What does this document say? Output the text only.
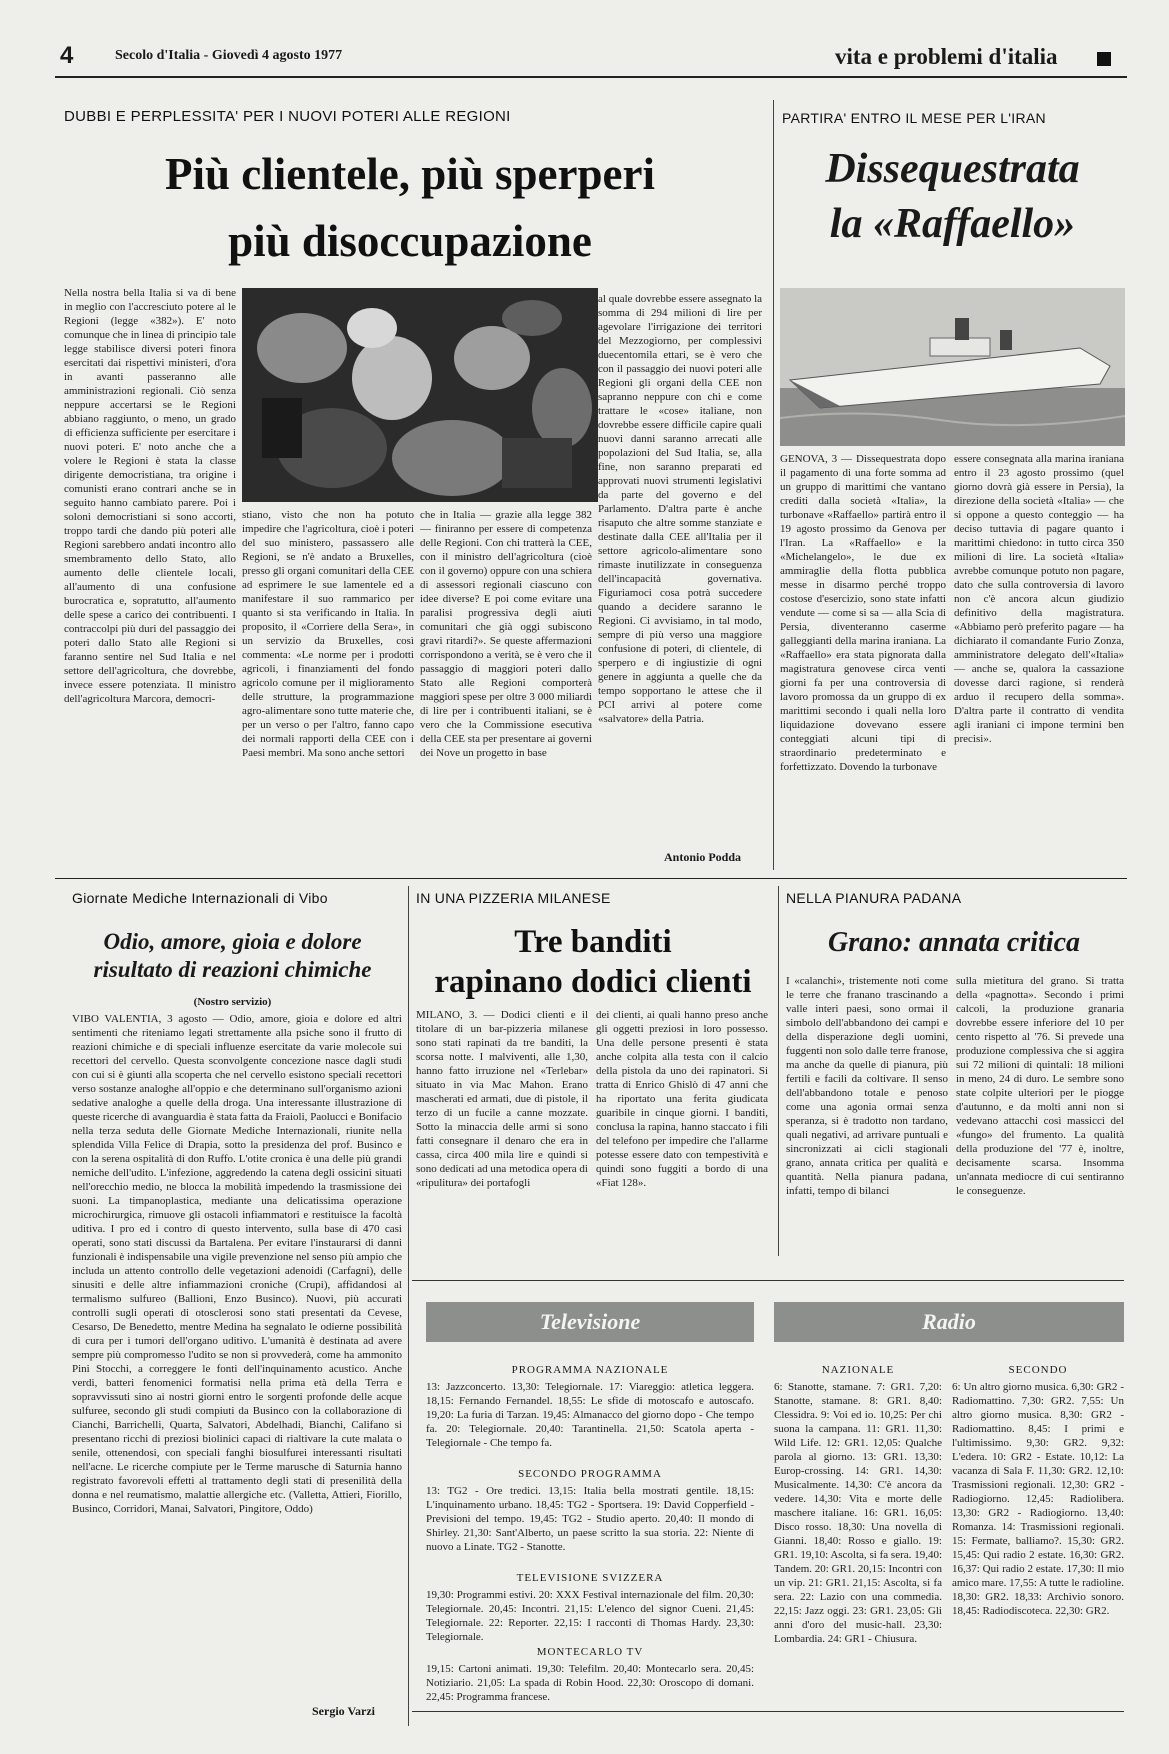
4	Secolo d'Italia - Giovedì 4 agosto 1977	vita e problemi d'italia
DUBBI E PERPLESSITA' PER I NUOVI POTERI ALLE REGIONI
Più clientele, più sperperi
più disoccupazione
Nella nostra bella Italia si va di bene in meglio con l'accresciuto potere al le Regioni (legge «382»). E' noto comunque che in linea di principio tale legge stabilisce diversi poteri finora esercitati dai rispettivi ministeri, d'ora in avanti passeranno alle amministrazioni regionali. Ciò senza neppure accertarsi se le Regioni abbiano raggiunto, o meno, un grado di efficienza sufficiente per esercitare i nuovi poteri. E' noto anche che a volere le Regioni è stata la classe dirigente democristiana, tra origine i comunisti erano contrari anche se in seguito hanno cambiato parere. Poi i soloni democristiani si sono accorti, troppo tardi che dando più poteri alle Regioni sarebbero andati incontro allo smembramento dello Stato, allo aumento delle clientele locali, all'aumento di una confusione burocratica e, sopratutto, all'aumento delle spese a carico dei contribuenti. I contraccolpi più duri del passaggio dei poteri dallo Stato alle Regioni si faranno sentire nel Sud Italia e nel settore dell'agricoltura, che dovrebbe, invece essere potenziata. Il ministro dell'agricoltura Marcora, democri-
stiano, visto che non ha potuto impedire che l'agricoltura, cioè i poteri del suo ministero, passassero alle Regioni, se n'è andato a Bruxelles, presso gli organi comunitari della CEE ad esprimere le sue lamentele ed a manifestare il suo rammarico per quanto si sta verificando in Italia. In proposito, il «Corriere della Sera», in un servizio da Bruxelles, così commenta: «Le norme per i prodotti agricoli, i finanziamenti del fondo agricolo comune per il miglioramento delle strutture, la programmazione agro-alimentare sono tutte materie che, per un verso o per l'altro, fanno capo dei normali rapporti della CEE con i Paesi membri. Ma sono anche settori
che in Italia — grazie alla legge 382 — finiranno per essere di competenza delle Regioni. Con chi tratterà la CEE, con il ministro dell'agricoltura (cioè con il governo) oppure con una schiera di assessori regionali ciascuno con idee diverse? E poi come evitare una paralisi progressiva degli aiuti comunitari che già oggi subiscono gravi ritardi?». Se queste affermazioni corrispondono a verità, se è vero che il passaggio di maggiori poteri dallo Stato alle Regioni comporterà maggiori spese per oltre 3 000 miliardi di lire per i contribuenti italiani, se è vero che la Commissione esecutiva della CEE sta per presentare ai governi dei Nove un progetto in base
al quale dovrebbe essere assegnato la somma di 294 milioni di lire per agevolare l'irrigazione dei territori del Mezzogiorno, per complessivi duecentomila ettari, se è vero che con il passaggio dei nuovi poteri alle Regioni gli organi della CEE non sapranno neppure con chi e come trattare le «cose» italiane, non dovrebbe essere difficile capire quali nuovi danni saranno arrecati alle popolazioni del Sud Italia, se, alla fine, non saranno preparati ed approvati nuovi strumenti legislativi da parte del governo e del Parlamento. D'altra parte è anche risaputo che altre somme stanziate e destinate dalla CEE all'Italia per il settore agricolo-alimentare sono rimaste inutilizzate in conseguenza dell'incapacità governativa. Figuriamoci cosa potrà succedere quando a decidere saranno le Regioni. Ci avvisiamo, in tal modo, sempre di più verso una maggiore confusione di poteri, di clientele, di sperpero e di ingiustizie di ogni genere in aggiunta a quelle che da tempo sopportano le attese che il PCI arrivi al potere come «salvatore» della Patria.
Antonio Podda
PARTIRA' ENTRO IL MESE PER L'IRAN
Dissequestrata
la «Raffaello»
GENOVA, 3 — Dissequestrata dopo il pagamento di una forte somma ad un gruppo di marittimi che vantano crediti dalla società «Italia», la turbonave «Raffaello» partirà entro il 19 agosto prossimo da Genova per l'Iran. La «Raffaello» e la «Michelangelo», le due ex ammiraglie della flotta pubblica messe in disarmo perché troppo costose d'esercizio, sono state infatti vendute — come si sa — alla Scia di Persia, diventeranno caserme galleggianti della marina iraniana. La «Raffaello» era stata pignorata dalla magistratura genovese circa venti giorni fa per una controversia di lavoro promossa da un gruppo di ex marittimi secondo i quali nella loro liquidazione dovevano essere conteggiati alcuni tipi di straordinario predeterminato e forfettizzato. Dovendo la turbonave
essere consegnata alla marina iraniana entro il 23 agosto prossimo (quel giorno dovrà già essere in Persia), la direzione della società «Italia» — che si oppone a questo conteggio — ha deciso tuttavia di pagare quanto i marittimi chiedono: in tutto circa 350 milioni di lire. La società «Italia» avrebbe comunque potuto non pagare, dato che sulla controversia di lavoro non c'è ancora alcun giudizio definitivo della magistratura. «Abbiamo però preferito pagare — ha dichiarato il comandante Furio Zonza, amministratore delegato dell'«Italia» — anche se, qualora la cassazione dovesse darci ragione, si renderà arduo il recupero della somma». D'altra parte il contratto di vendita agli iraniani ci impone termini ben precisi».
Giornate Mediche Internazionali di Vibo
Odio, amore, gioia e dolore
risultato di reazioni chimiche
(Nostro servizio)
VIBO VALENTIA, 3 agosto — Odio, amore, gioia e dolore ed altri sentimenti che riteniamo legati strettamente alla psiche sono il frutto di reazioni chimiche e di speciali influenze esercitate da varie molecole sui recettori del cervello. Questa sconvolgente concezione nasce dagli studi con cui si è giunti alla scoperta che nel cervello esistono speciali recettori verso sostanze analoghe all'oppio e che determinano sull'organismo azioni sedative analoghe a quelle della droga. Una interessante illustrazione di queste ricerche di avanguardia è stata fatta da Fraioli, Paolucci e Bonifacio nella terza seduta delle Giornate Mediche Internazionali, riunite nella splendida Villa Felice di Drapia, sotto la presidenza del prof. Businco e con la serena ospitalità di don Ruffo. L'otite cronica è una delle più grandi nemiche dell'udito. L'infezione, aggredendo la catena degli ossicini situati nell'orecchio medio, ne blocca la mobilità impedendo la trasmissione dei suoni. La timpanoplastica, mediante una delicatissima operazione microchirurgica, rimuove gli ostacoli infiammatori e restituisce la facoltà uditiva. I pro ed i contro di questo intervento, sulla base di 470 casi operati, sono stati discussi da Bartalena. Per evitare l'instaurarsi di danni funzionali è indispensabile una vigile prevenzione nel senso più ampio che includa un attento controllo delle vegetazioni adenoidi (Carfagni), delle sinusiti e delle altre infiammazioni croniche (Crupi), affidandosi al termalismo sulfureo (Ballioni, Enzo Businco). Nuovi, più accurati controlli sugli operati di otosclerosi sono stati presentati da Cevese, Cesarso, De Benedetto, mentre Medina ha segnalato le odierne possibilità di cura per i tumori dell'organo uditivo. L'umanità è destinata ad avere sempre più compromesso l'udito se non si provvederà, come ha ammonito Pini Stocchi, a correggere le fonti dell'inquinamento acustico. Anche verdi, batteri fenomenici formatisi nella prima età della Terra e sopravvissuti sino ai nostri giorni entro le sorgenti profonde delle acque sulfuree, secondo gli studi compiuti da Businco con la collaborazione di Cianchi, Barrichelli, Quarta, Salvatori, Abdelhadi, Bianchi, Califano si presentano ricchi di preziosi biolinici capaci di rialtivare la cute malata o senile, ottenendosi, con speciali fanghi biosulfurei interessanti risultati nell'acne. Le ricerche compiute per le Terme marusche di Saturnia hanno registrato favorevoli effetti al trattamento degli stati di presenilità della donna e nel reumatismo, malattie allergiche etc. (Valletta, Attieri, Fiorillo, Businco, Corridori, Manai, Salvatori, Pingitore, Oddo)
Sergio Varzi
IN UNA PIZZERIA MILANESE
Tre banditi
rapinano dodici clienti
MILANO, 3. — Dodici clienti e il titolare di un bar-pizzeria milanese sono stati rapinati da tre banditi, la scorsa notte. I malviventi, alle 1,30, hanno fatto irruzione nel «Terlebar» situato in via Mac Mahon. Erano mascherati ed armati, due di pistole, il terzo di un fucile a canne mozzate. Sotto la minaccia delle armi si sono fatti consegnare il denaro che era in cassa, circa 400 mila lire e quindi si sono dedicati ad una metodica opera di «ripulitura» dei portafogli
dei clienti, ai quali hanno preso anche gli oggetti preziosi in loro possesso. Una delle persone presenti è stata anche colpita alla testa con il calcio della pistola da uno dei rapinatori. Si tratta di Enrico Ghislò di 47 anni che ha riportato una ferita giudicata guaribile in cinque giorni. I banditi, conclusa la rapina, hanno staccato i fili del telefono per impedire che l'allarme potesse essere dato con tempestività e quindi sono fuggiti a bordo di una «Fiat 128».
NELLA PIANURA PADANA
Grano: annata critica
I «calanchi», tristemente noti come le terre che franano trascinando a valle interi paesi, sono ormai il simbolo dell'abbandono dei campi e della disperazione degli uomini, fuggenti non solo dalle terre franose, ma anche da quelle di pianura, più fertili e facili da coltivare. Il senso dell'abbandono totale e penoso come una agonia ormai senza speranza, si è tradotto non tardano, quali negativi, ad arrivare puntuali e sincronizzati ai cicli stagionali grano, annata critica per qualità e quantità. Nella pianura padana, infatti, tempo di bilanci
sulla mietitura del grano. Si tratta della «pagnotta». Secondo i primi calcoli, la produzione granaria dovrebbe essere inferiore del 10 per cento rispetto al '76. Si prevede una produzione complessiva che si aggira sui 72 milioni di quintali: 18 milioni in meno, 24 di duro. Le sembre sono state colpite ulteriori per le piogge d'autunno, e da molti anni non si vedevano attacchi così massicci del «fungo» del frumento. La qualità della produzione del '77 è, inoltre, decisamente scarsa. Insomma un'annata mediocre di cui sentiranno le conseguenze.
Televisione
PROGRAMMA NAZIONALE
13: Jazzconcerto. 13,30: Telegiornale. 17: Viareggio: atletica leggera. 18,15: Fernando Fernandel. 18,55: Le sfide di motoscafo e autoscafo. 19,20: La furia di Tarzan. 19,45: Almanacco del giorno dopo - Che tempo fa. 20: Telegiornale. 20,40: Tarantinella. 21,50: Scatola aperta - Telegiornale - Che tempo fa.
SECONDO PROGRAMMA
13: TG2 - Ore tredici. 13,15: Italia bella mostrati gentile. 18,15: L'inquinamento urbano. 18,45: TG2 - Sportsera. 19: David Copperfield - Previsioni del tempo. 19,45: TG2 - Studio aperto. 20,40: Il mondo di Shirley. 21,30: Sant'Alberto, un paese scritto la sua storia. 22: Niente di nuovo a Linate. TG2 - Stanotte.
TELEVISIONE SVIZZERA
19,30: Programmi estivi. 20: XXX Festival internazionale del film. 20,30: Telegiornale. 20,45: Incontri. 21,15: L'elenco del signor Cueni. 21,45: Telegiornale. 22: Reporter. 22,15: I racconti di Thomas Hardy. 23,30: Telegiornale.
MONTECARLO TV
19,15: Cartoni animati. 19,30: Telefilm. 20,40: Montecarlo sera. 20,45: Notiziario. 21,05: La spada di Robin Hood. 22,30: Oroscopo di domani. 22,45: Programma francese.
Radio
NAZIONALE
6: Stanotte, stamane. 7: GR1. 7,20: Stanotte, stamane. 8: GR1. 8,40: Clessidra. 9: Voi ed io. 10,25: Per chi suona la campana. 11: GR1. 11,30: Wild Life. 12: GR1. 12,05: Qualche parola al giorno. 13: GR1. 13,30: Europ-crossing. 14: GR1. 14,30: Musicalmente. 14,30: C'è ancora da vedere. 14,30: Vita e morte delle maschere italiane. 16: GR1. 16,05: Disco rosso. 18,30: Una novella di Gianni. 18,40: Rosso e giallo. 19: GR1. 19,10: Ascolta, si fa sera. 19,40: Tandem. 20: GR1. 20,15: Incontri con un vip. 21: GR1. 21,15: Ascolta, si fa sera. 22: Lazio con una commedia. 22,15: Jazz oggi. 23: GR1. 23,05: Gli anni d'oro del music-hall. 23,30: Lombardia. 24: GR1 - Chiusura.
SECONDO
6: Un altro giorno musica. 6,30: GR2 - Radiomattino. 7,30: GR2. 7,55: Un altro giorno musica. 8,30: GR2 - Radiomattino. 8,45: I primi e l'ultimissimo. 9,30: GR2. 9,32: L'edera. 10: GR2 - Estate. 10,12: La vacanza di Sala F. 11,30: GR2. 12,10: Trasmissioni regionali. 12,30: GR2 - Radiogiorno. 12,45: Radiolibera. 13,30: GR2 - Radiogiorno. 13,40: Romanza. 14: Trasmissioni regionali. 15: Fermate, balliamo?. 15,30: GR2. 15,45: Qui radio 2 estate. 16,30: GR2. 16,37: Qui radio 2 estate. 17,30: Il mio amico mare. 17,55: A tutte le radioline. 18,30: GR2. 18,33: Archivio sonoro. 18,45: Radiodiscoteca. 22,30: GR2.
